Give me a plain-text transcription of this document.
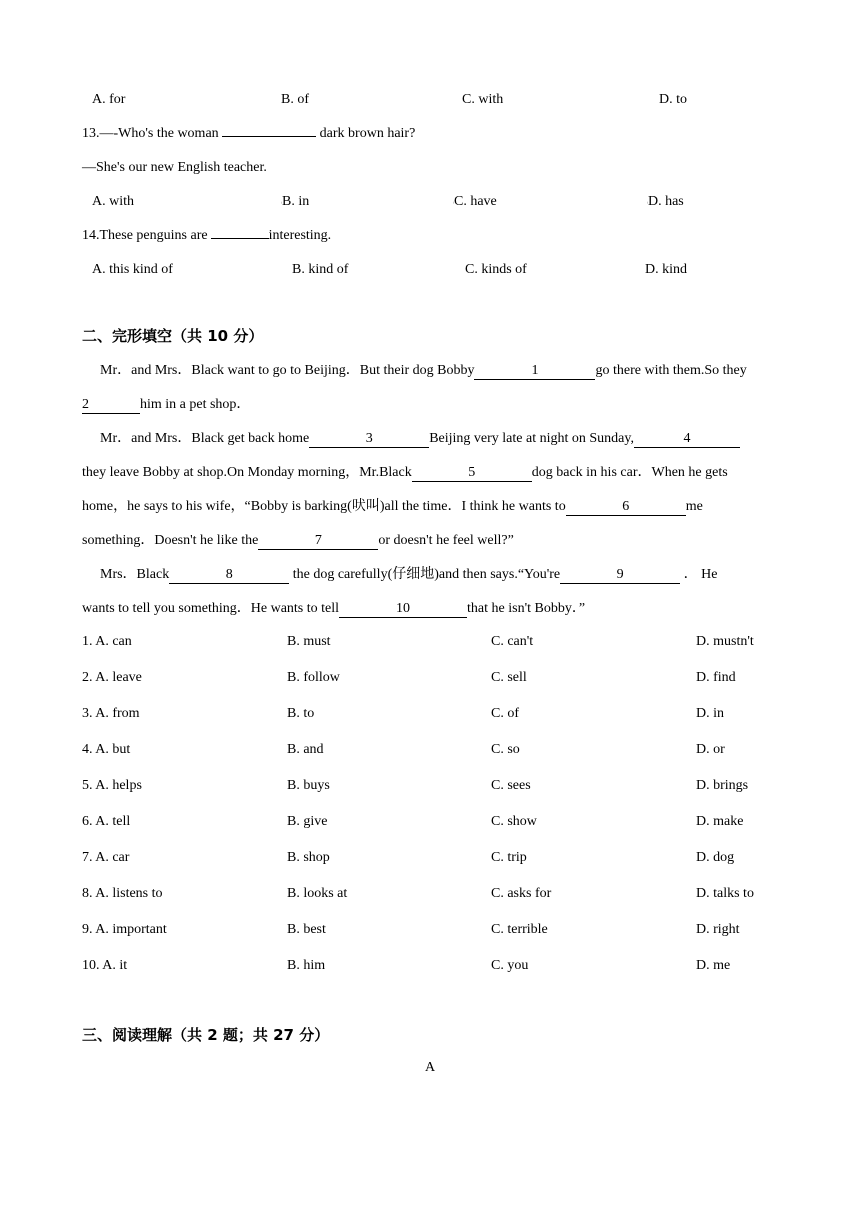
A. for	B. of	C. with	D. to
13.—-Who's the woman	dark brown hair?
—She's our new English teacher.
A. with	ᵢB. in	ᵢC. have	ᵢD. has
14.These penguins are	interesting.
A. this kind of	B. kind of	C. kinds of	D. kind
二、完形填空（共 10 分）
Mr．and Mrs．Black want to go to Beijing．But their dog Bobby	1	go there with them.So they
2	him in a pet shop．
Mr．and Mrs．Black get back home	3	Beijing very late at night on Sunday,	4
they leave Bobby at shop.On Monday morning，Mr.Black	5	dog back in his car．When he gets
home，he says to his wife，“Bobby is barking(吠叫)all the time．I think he wants to	6	me
something．Doesn't he like the	7	or doesn't he feel well?”
Mrs．Black	8	the dog carefully(仔细地)and then says.“You're	9	． He
wants to tell you something．He wants to tell	10	that he isn't Bobby．”
1. A. can	B. must	C. can't	D. mustn't
2. A. leave	B. follow	C. sell	D. find
3. A. from	B. to	C. of	D. in
4. A. but	B. and	C. so	D. or
5. A. helps	B. buys	C. sees	D. brings
6. A. tell	B. give	C. show	D. make
7. A. car	B. shop	C. trip	D. dog
8. A. listens to	B. looks at	C. asks for	D. talks to
9. A. important	B. best	C. terrible	D. right
10. A. it	B. him	C. you	D. me
三、阅读理解（共 2 题；共 27 分）
A
